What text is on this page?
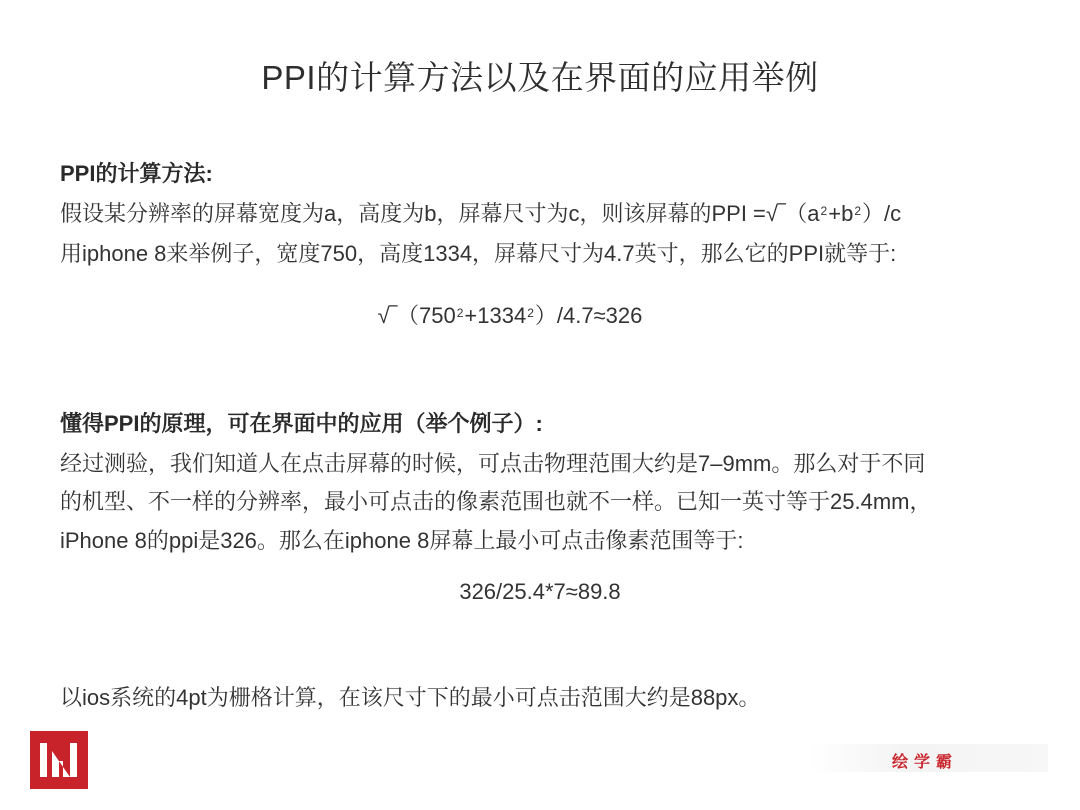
PPI的计算方法以及在界面的应用举例
PPI的计算方法:
假设某分辨率的屏幕宽度为a，高度为b，屏幕尺寸为c，则该屏幕的PPI $=√‾(a^2+b^2)/c$
用iphone 8来举例子，宽度750，高度1334，屏幕尺寸为4.7英寸，那么它的PPI就等于:
$√‾(750^2+1334^2)/4.7\approx 326$
懂得PPI的原理，可在界面中的应用（举个例子）:
经过测验，我们知道人在点击屏幕的时候，可点击物理范围大约是7–9mm。那么对于不同
的机型、不一样的分辨率，最小可点击的像素范围也就不一样。已知一英寸等于25.4mm，
iPhone 8的ppi是326。那么在iphone 8屏幕上最小可点击像素范围等于:
326/25.4*7≈89.8
以ios系统的4pt为栅格计算，在该尺寸下的最小可点击范围大约是88px。
绘学霸
